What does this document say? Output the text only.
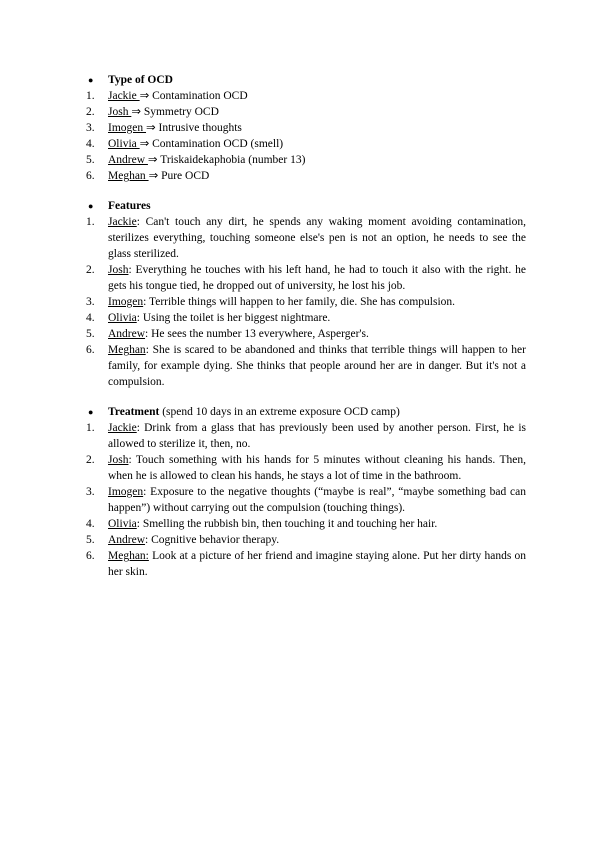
● Type of OCD
1. Jackie ⇒ Contamination OCD
2. Josh ⇒ Symmetry OCD
3. Imogen ⇒ Intrusive thoughts
4. Olivia ⇒ Contamination OCD (smell)
5. Andrew ⇒ Triskaidekaphobia (number 13)
6. Meghan ⇒ Pure OCD
● Features
1. Jackie: Can't touch any dirt, he spends any waking moment avoiding contamination, sterilizes everything, touching someone else's pen is not an option, he needs to see the glass sterilized.
2. Josh: Everything he touches with his left hand, he had to touch it also with the right. he gets his tongue tied, he dropped out of university, he lost his job.
3. Imogen: Terrible things will happen to her family, die. She has compulsion.
4. Olivia: Using the toilet is her biggest nightmare.
5. Andrew: He sees the number 13 everywhere, Asperger's.
6. Meghan: She is scared to be abandoned and thinks that terrible things will happen to her family, for example dying. She thinks that people around her are in danger. But it's not a compulsion.
● Treatment (spend 10 days in an extreme exposure OCD camp)
1. Jackie: Drink from a glass that has previously been used by another person. First, he is allowed to sterilize it, then, no.
2. Josh: Touch something with his hands for 5 minutes without cleaning his hands. Then, when he is allowed to clean his hands, he stays a lot of time in the bathroom.
3. Imogen: Exposure to the negative thoughts (“maybe is real”, “maybe something bad can happen”) without carrying out the compulsion (touching things).
4. Olivia: Smelling the rubbish bin, then touching it and touching her hair.
5. Andrew: Cognitive behavior therapy.
6. Meghan: Look at a picture of her friend and imagine staying alone. Put her dirty hands on her skin.
